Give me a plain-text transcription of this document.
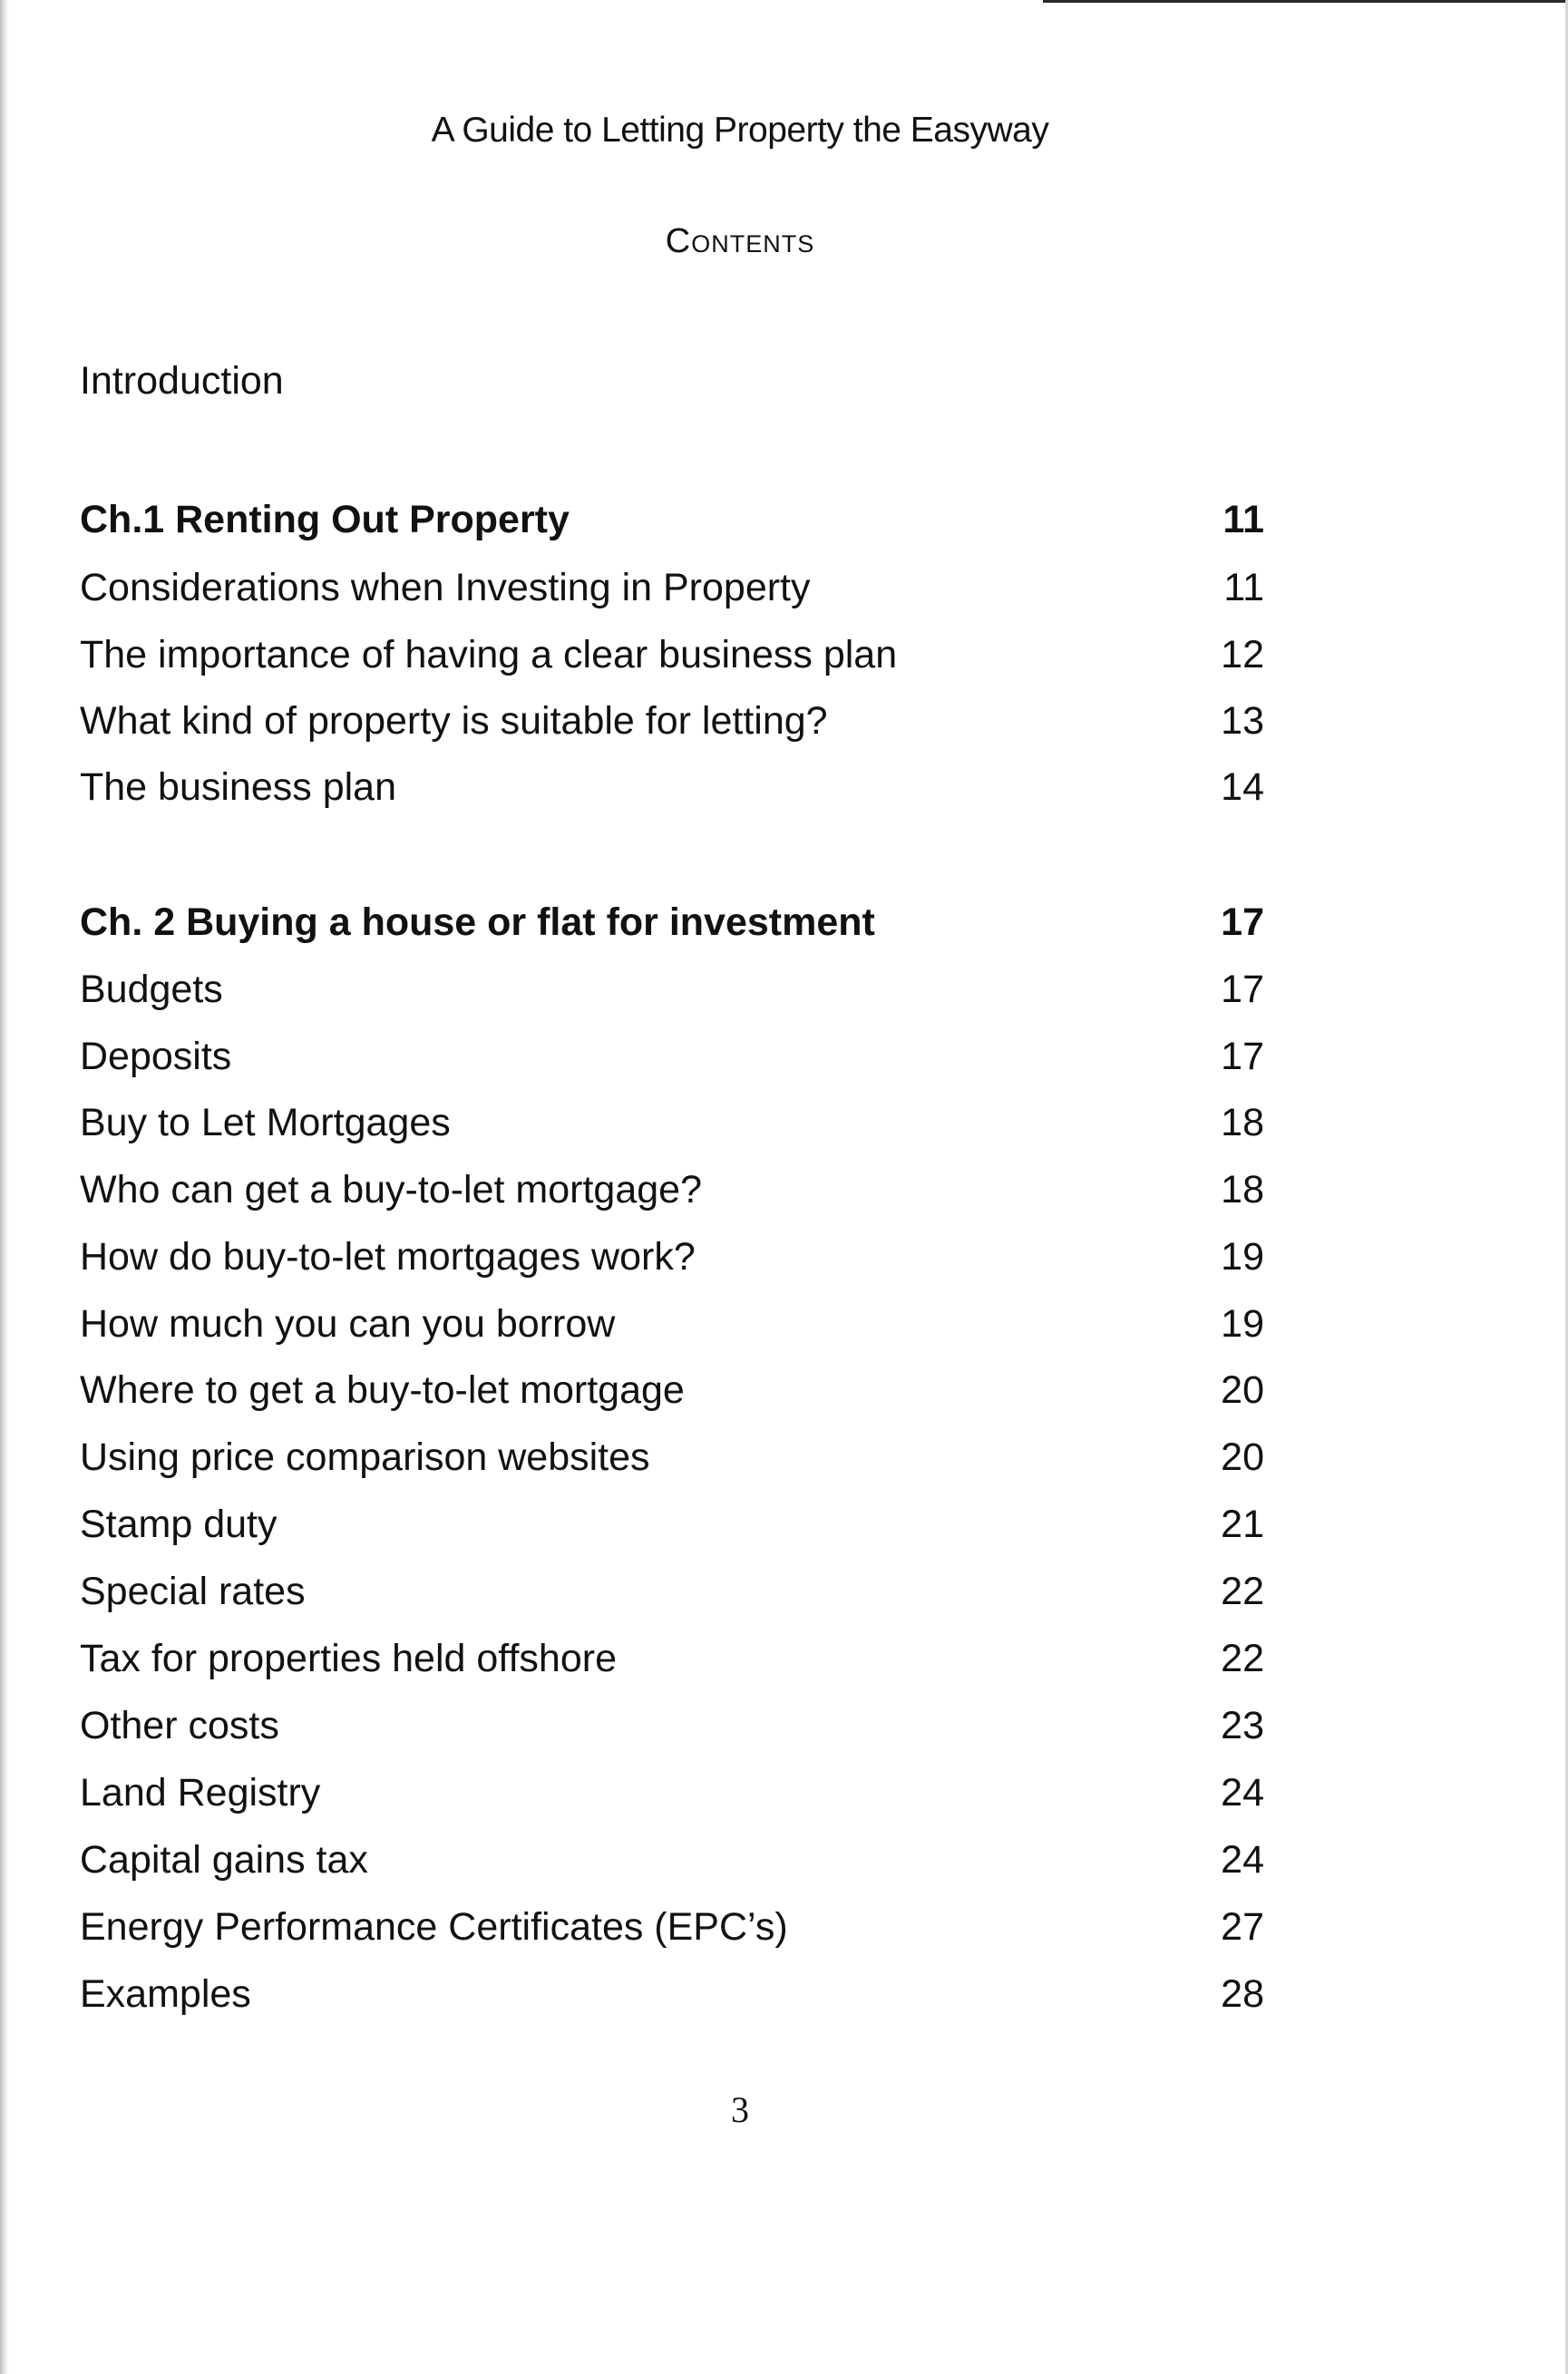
A Guide to Letting Property the Easyway
Contents
Introduction
Ch.1 Renting Out Property	11
Considerations when Investing in Property	11
The importance of having a clear business plan	12
What kind of property is suitable for letting?	13
The business plan	14
Ch. 2 Buying a house or flat for investment	17
Budgets	17
Deposits	17
Buy to Let Mortgages	18
Who can get a buy-to-let mortgage?	18
How do buy-to-let mortgages work?	19
How much you can you borrow	19
Where to get a buy-to-let mortgage	20
Using price comparison websites	20
Stamp duty	21
Special rates	22
Tax for properties held offshore	22
Other costs	23
Land Registry	24
Capital gains tax	24
Energy Performance Certificates (EPC’s)	27
Examples	28
3
